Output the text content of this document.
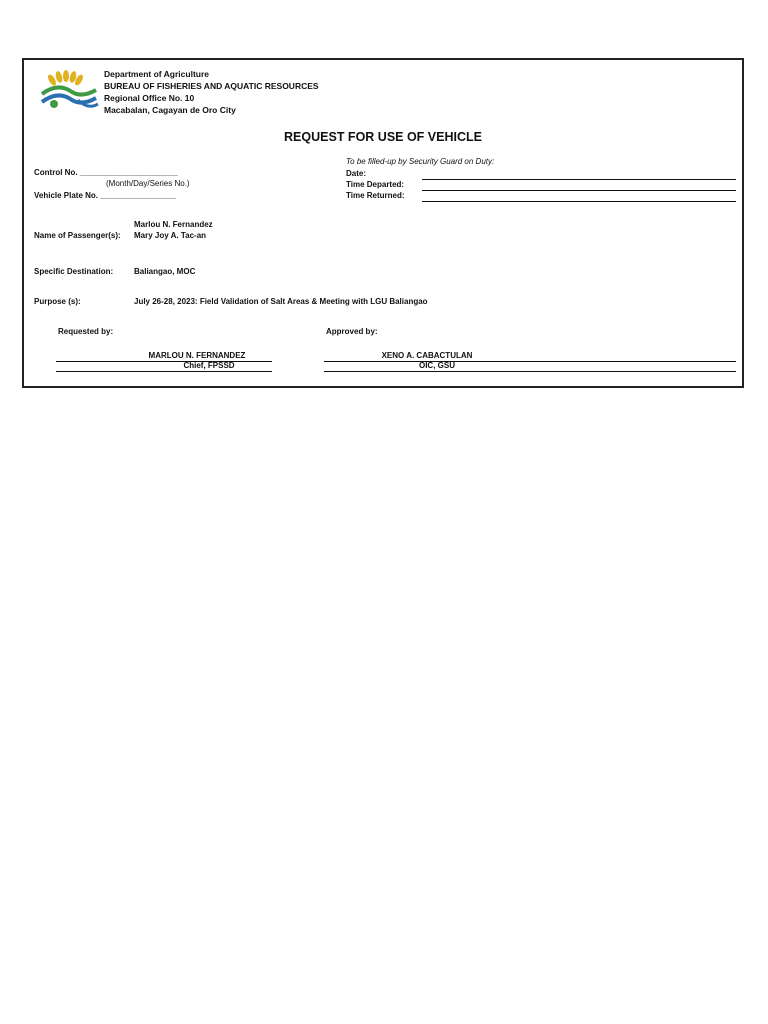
Department of Agriculture
BUREAU OF FISHERIES AND AQUATIC RESOURCES
Regional Office No. 10
Macabalan, Cagayan de Oro City
REQUEST FOR USE OF VEHICLE
Control No. ______________________
(Month/Day/Series No.)
Vehicle Plate No. _________________
Name of Passenger(s):
Marlou N. Fernandez
Mary Joy A. Tac-an
Specific Destination:	Baliangao, MOC
Purpose (s):	July 26-28, 2023: Field Validation of Salt Areas & Meeting with LGU Baliangao
To be filled-up by Security Guard on Duty:
Date:
Time Departed:
Time Returned:
Requested by:	Approved by:
MARLOU N. FERNANDEZ
Chief, FPSSD
XENO A. CABACTULAN
OIC, GSU
